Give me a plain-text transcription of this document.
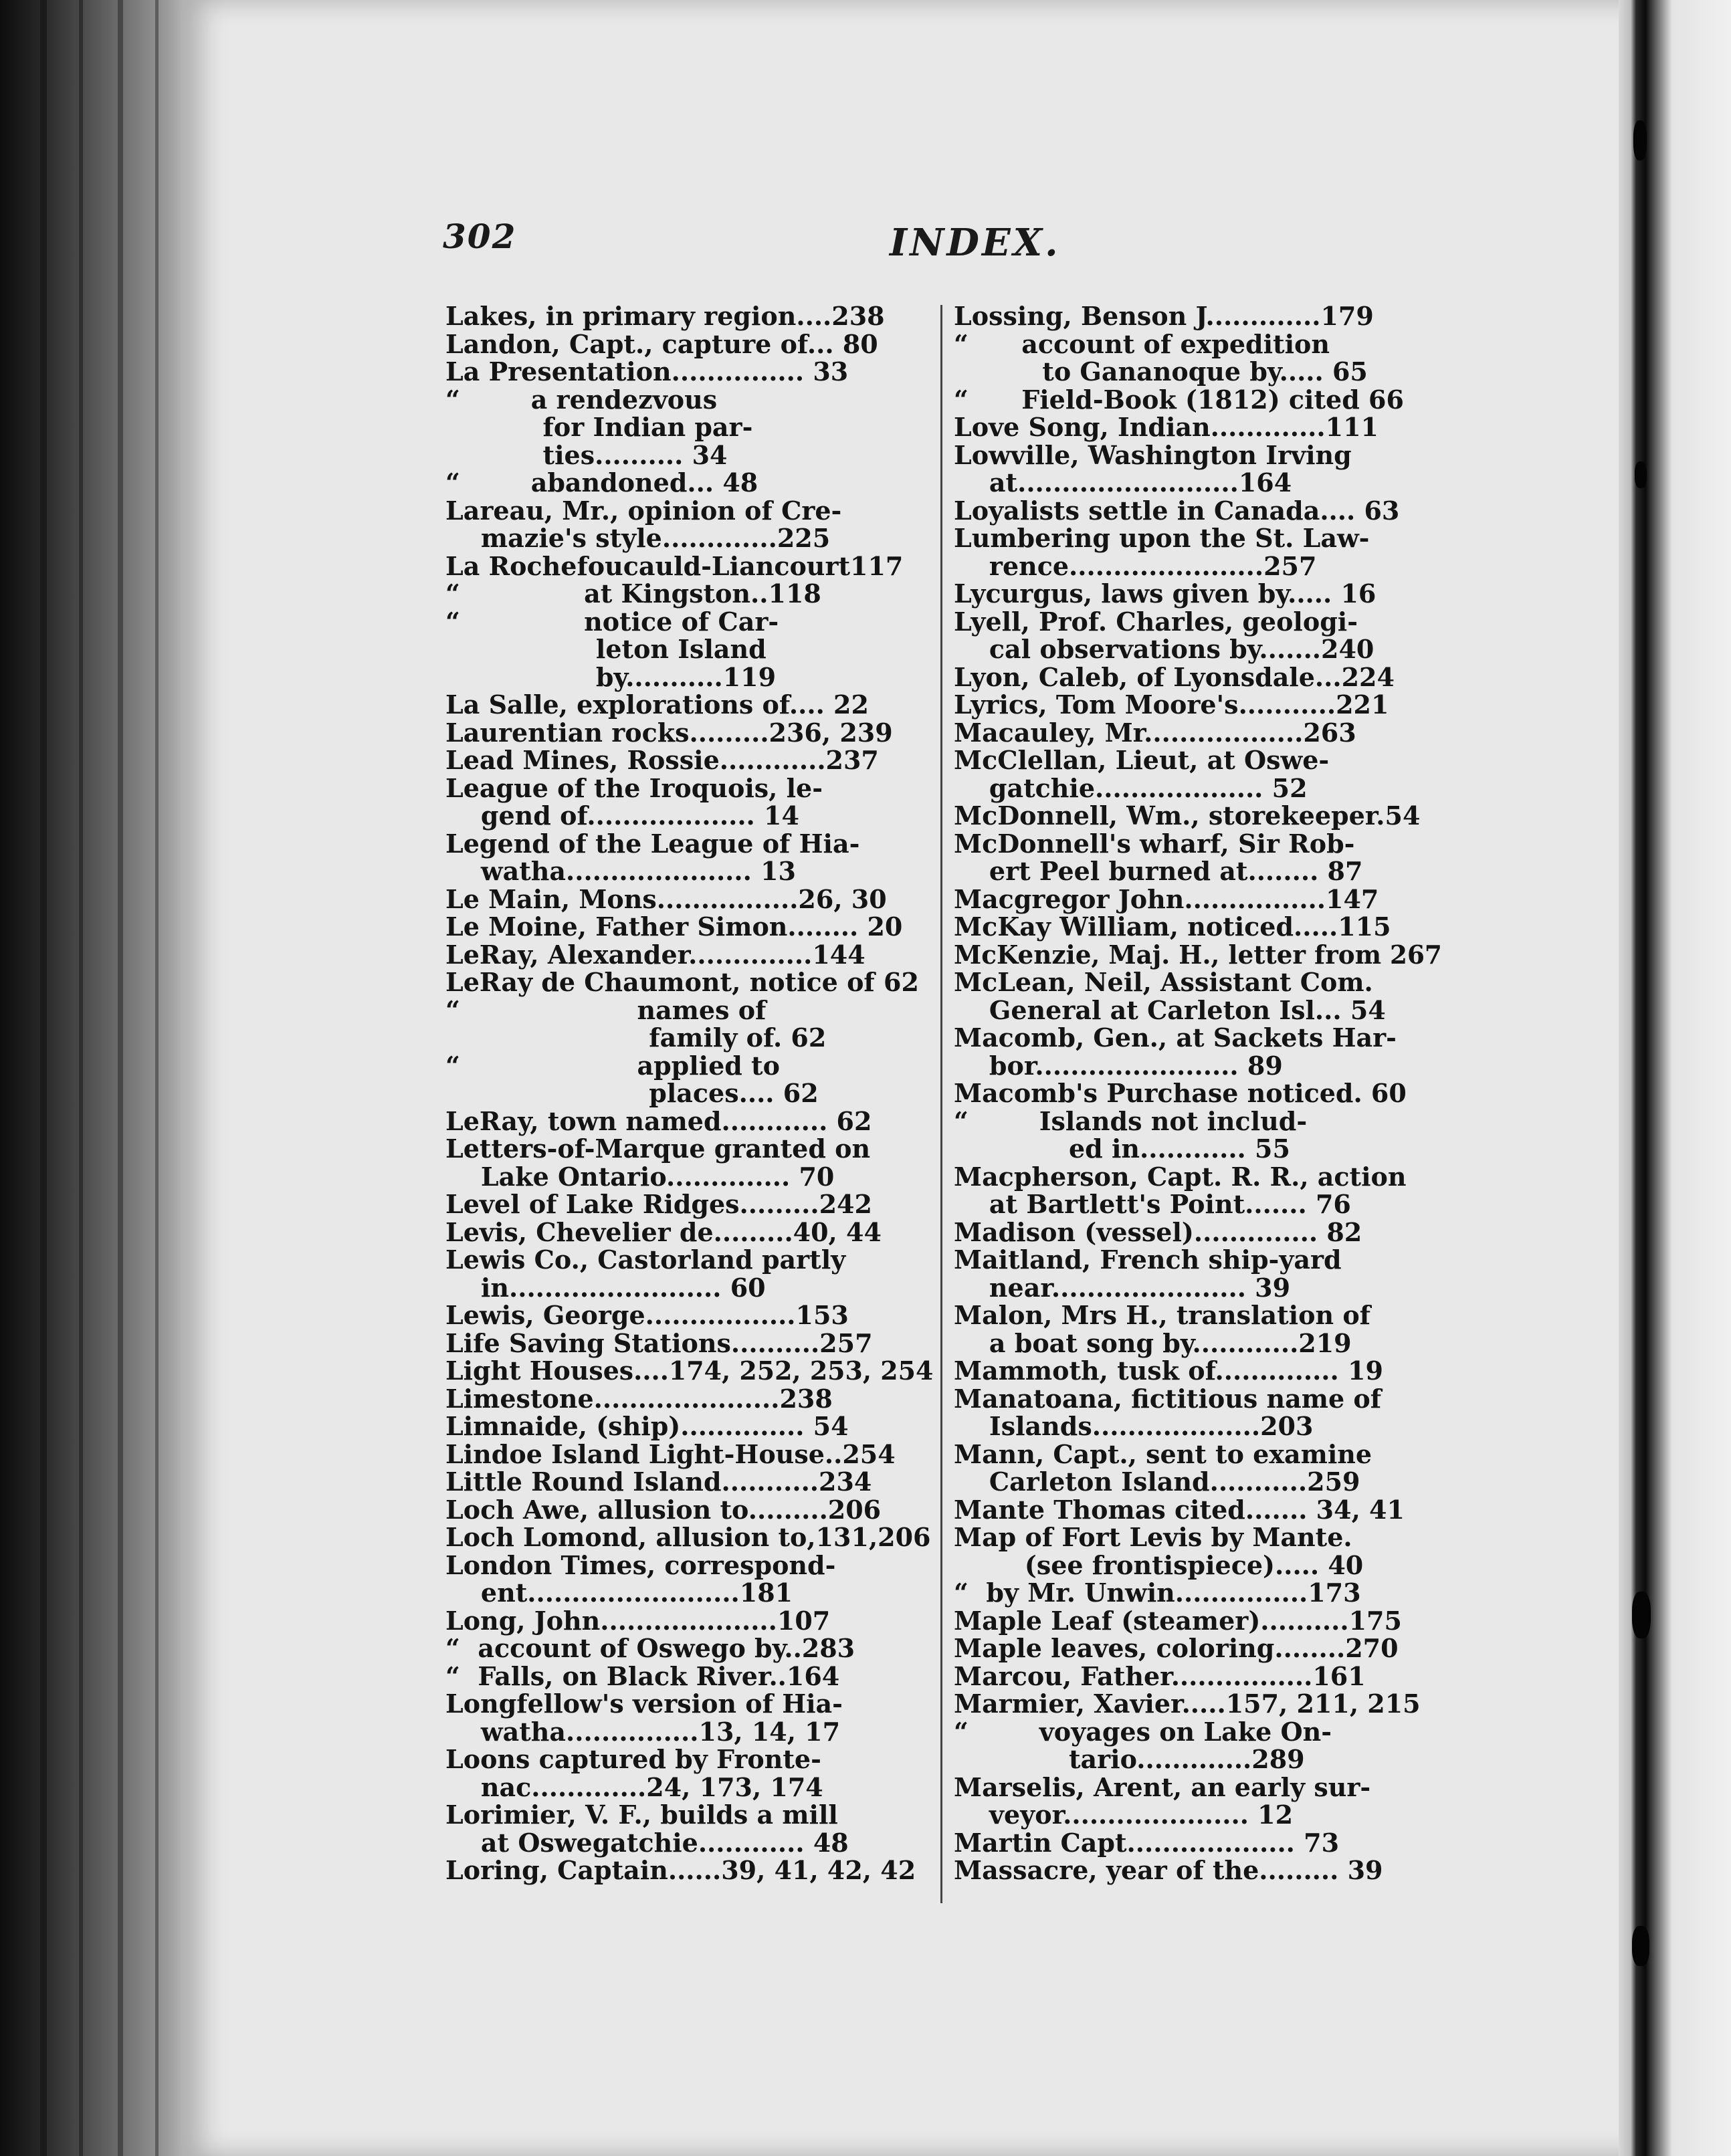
302	INDEX.
Lakes, in primary region....238
Landon, Capt., capture of... 80
La Presentation............... 33
“        a rendezvous
for Indian par-
ties.......... 34
“        abandoned... 48
Lareau, Mr., opinion of Cre-
mazie's style.............225
La Rochefoucauld-Liancourt117
“              at Kingston..118
“              notice of Car-
leton Island
by...........119
La Salle, explorations of.... 22
Laurentian rocks.........236, 239
Lead Mines, Rossie............237
League of the Iroquois, le-
gend of................... 14
Legend of the League of Hia-
watha..................... 13
Le Main, Mons................26, 30
Le Moine, Father Simon........ 20
LeRay, Alexander..............144
LeRay de Chaumont, notice of 62
“                    names of
family of. 62
“                    applied to
places.... 62
LeRay, town named............ 62
Letters-of-Marque granted on
Lake Ontario.............. 70
Level of Lake Ridges.........242
Levis, Chevelier de.........40, 44
Lewis Co., Castorland partly
in........................ 60
Lewis, George.................153
Life Saving Stations..........257
Light Houses....174, 252, 253, 254
Limestone.....................238
Limnaide, (ship).............. 54
Lindoe Island Light-House..254
Little Round Island...........234
Loch Awe, allusion to.........206
Loch Lomond, allusion to,131,206
London Times, correspond-
ent........................181
Long, John....................107
“  account of Oswego by..283
“  Falls, on Black River..164
Longfellow's version of Hia-
watha...............13, 14, 17
Loons captured by Fronte-
nac.............24, 173, 174
Lorimier, V. F., builds a mill
at Oswegatchie............ 48
Loring, Captain......39, 41, 42, 42
Lossing, Benson J.............179
“      account of expedition
to Gananoque by..... 65
“      Field-Book (1812) cited 66
Love Song, Indian.............111
Lowville, Washington Irving
at.........................164
Loyalists settle in Canada.... 63
Lumbering upon the St. Law-
rence......................257
Lycurgus, laws given by..... 16
Lyell, Prof. Charles, geologi-
cal observations by.......240
Lyon, Caleb, of Lyonsdale...224
Lyrics, Tom Moore's...........221
Macauley, Mr..................263
McClellan, Lieut, at Oswe-
gatchie................... 52
McDonnell, Wm., storekeeper.54
McDonnell's wharf, Sir Rob-
ert Peel burned at........ 87
Macgregor John................147
McKay William, noticed.....115
McKenzie, Maj. H., letter from 267
McLean, Neil, Assistant Com.
General at Carleton Isl... 54
Macomb, Gen., at Sackets Har-
bor....................... 89
Macomb's Purchase noticed. 60
“        Islands not includ-
ed in............ 55
Macpherson, Capt. R. R., action
at Bartlett's Point....... 76
Madison (vessel).............. 82
Maitland, French ship-yard
near...................... 39
Malon, Mrs H., translation of
a boat song by............219
Mammoth, tusk of.............. 19
Manatoana, fictitious name of
Islands...................203
Mann, Capt., sent to examine
Carleton Island...........259
Mante Thomas cited....... 34, 41
Map of Fort Levis by Mante.
(see frontispiece)..... 40
“  by Mr. Unwin...............173
Maple Leaf (steamer)..........175
Maple leaves, coloring........270
Marcou, Father................161
Marmier, Xavier.....157, 211, 215
“        voyages on Lake On-
tario.............289
Marselis, Arent, an early sur-
veyor..................... 12
Martin Capt................... 73
Massacre, year of the......... 39
